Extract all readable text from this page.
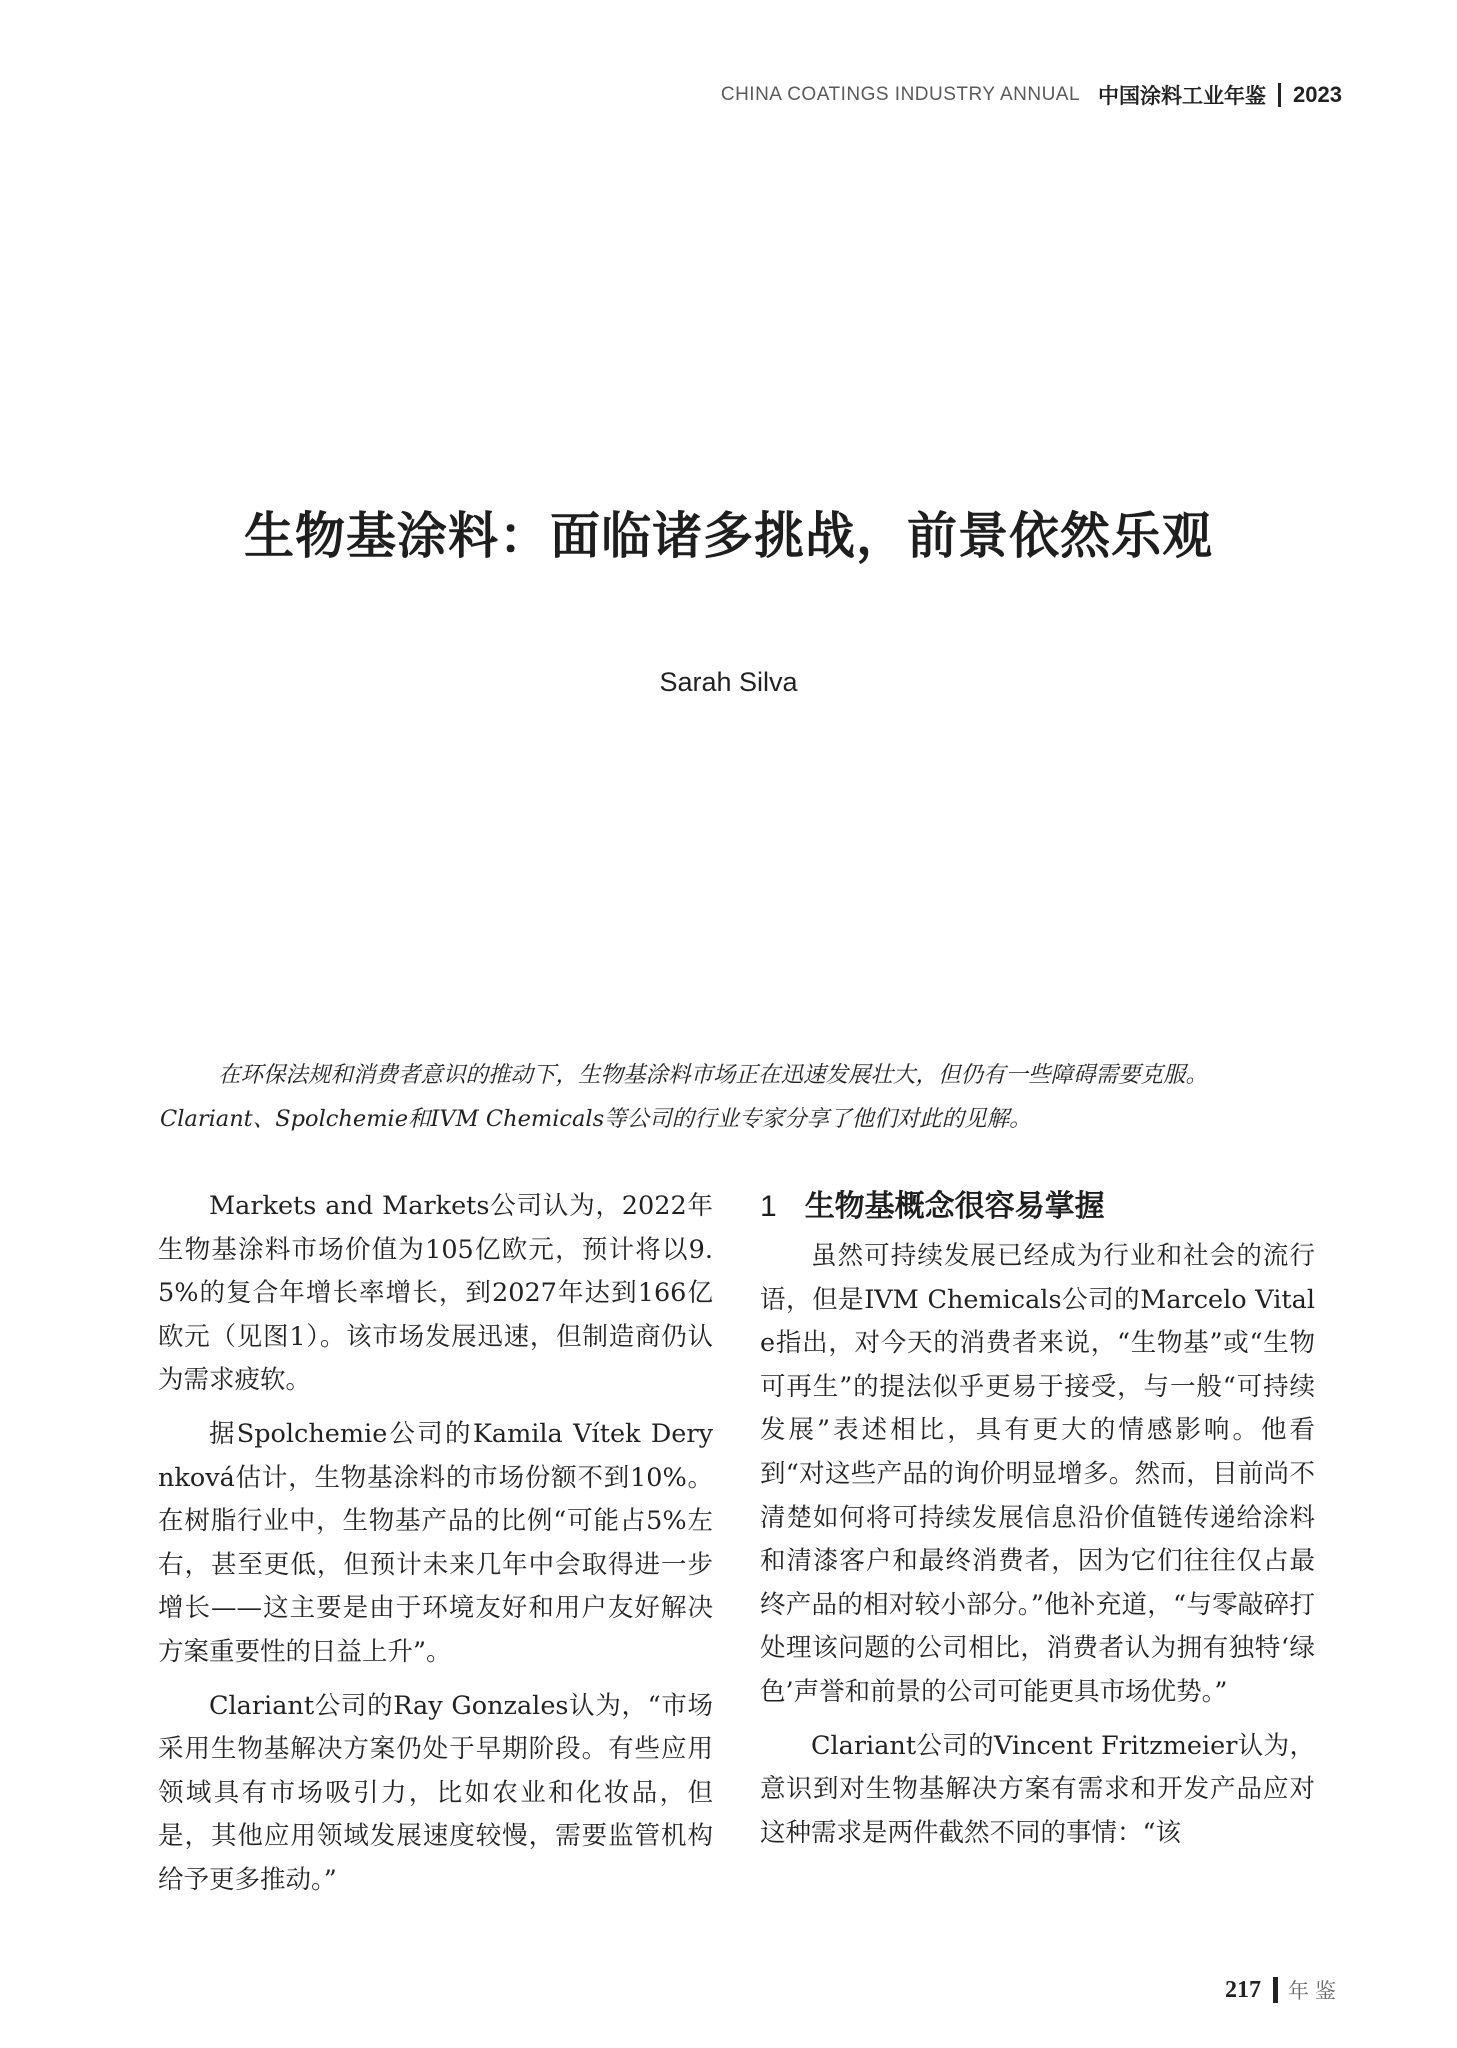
CHINA COATINGS INDUSTRY ANNUAL 中国涂料工业年鉴 2023
生物基涂料：面临诸多挑战，前景依然乐观
Sarah Silva

在环保法规和消费者意识的推动下，生物基涂料市场正在迅速发展壮大，但仍有一些障碍需要克服。Clariant、Spolchemie和IVM Chemicals等公司的行业专家分享了他们对此的见解。

Markets and Markets公司认为，2022年生物基涂料市场价值为105亿欧元，预计将以9.5%的复合年增长率增长，到2027年达到166亿欧元（见图1）。该市场发展迅速，但制造商仍认为需求疲软。

据Spolchemie公司的Kamila Vítek Derynková估计，生物基涂料的市场份额不到10%。在树脂行业中，生物基产品的比例“可能占5%左右，甚至更低，但预计未来几年中会取得进一步增长——这主要是由于环境友好和用户友好解决方案重要性的日益上升”。

Clariant公司的Ray Gonzales认为，“市场采用生物基解决方案仍处于早期阶段。有些应用领域具有市场吸引力，比如农业和化妆品，但是，其他应用领域发展速度较慢，需要监管机构给予更多推动。”

1 生物基概念很容易掌握

虽然可持续发展已经成为行业和社会的流行语，但是IVM Chemicals公司的Marcelo Vitale指出，对今天的消费者来说，“生物基”或“生物可再生”的提法似乎更易于接受，与一般“可持续发展”表述相比，具有更大的情感影响。他看到“对这些产品的询价明显增多。然而，目前尚不清楚如何将可持续发展信息沿价值链传递给涂料和清漆客户和最终消费者，因为它们往往仅占最终产品的相对较小部分。”他补充道，“与零敲碎打处理该问题的公司相比，消费者认为拥有独特‘绿色’声誉和前景的公司可能更具市场优势。”

Clariant公司的Vincent Fritzmeier认为，意识到对生物基解决方案有需求和开发产品应对这种需求是两件截然不同的事情：“该

217 年鉴
